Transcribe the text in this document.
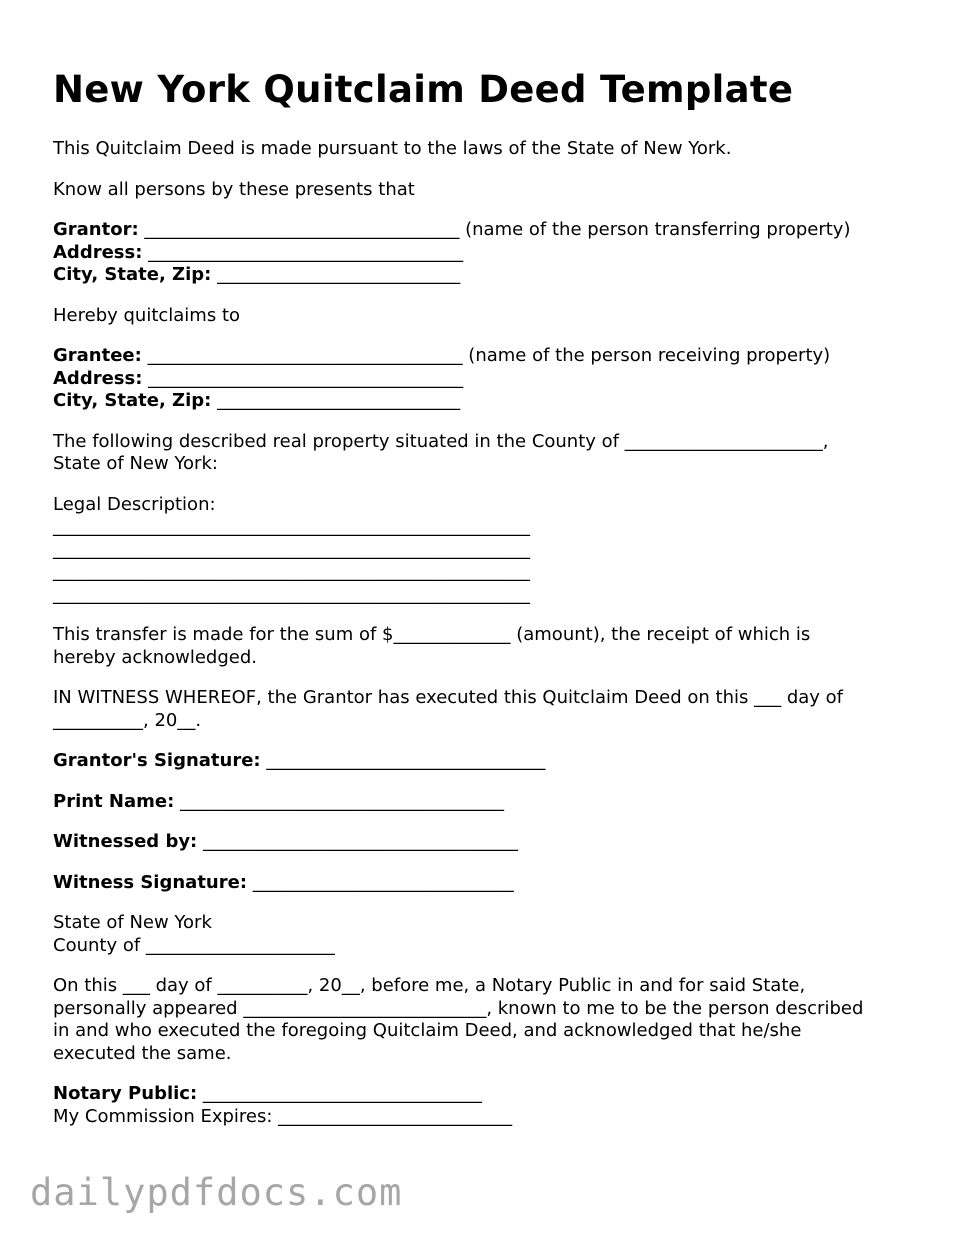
New York Quitclaim Deed Template

This Quitclaim Deed is made pursuant to the laws of the State of New York.

Know all persons by these presents that

Grantor: ___________________________________ (name of the person transferring property)

Address: ___________________________________

City, State, Zip: ___________________________

Hereby quitclaims to

Grantee: ___________________________________ (name of the person receiving property)

Address: ___________________________________

City, State, Zip: ___________________________

The following described real property situated in the County of ______________________,

State of New York:

Legal Description:

_____________________________________________________

_____________________________________________________

_____________________________________________________

_____________________________________________________

This transfer is made for the sum of $_____________ (amount), the receipt of which is

hereby acknowledged.

IN WITNESS WHEREOF, the Grantor has executed this Quitclaim Deed on this ___ day of

__________, 20__.

Grantor's Signature: _______________________________

Print Name: ____________________________________

Witnessed by: ___________________________________

Witness Signature: _____________________________

State of New York

County of _____________________

On this ___ day of __________, 20__, before me, a Notary Public in and for said State,

personally appeared ___________________________, known to me to be the person described

in and who executed the foregoing Quitclaim Deed, and acknowledged that he/she

executed the same.

Notary Public: _______________________________

My Commission Expires: __________________________

dailypdfdocs.com
